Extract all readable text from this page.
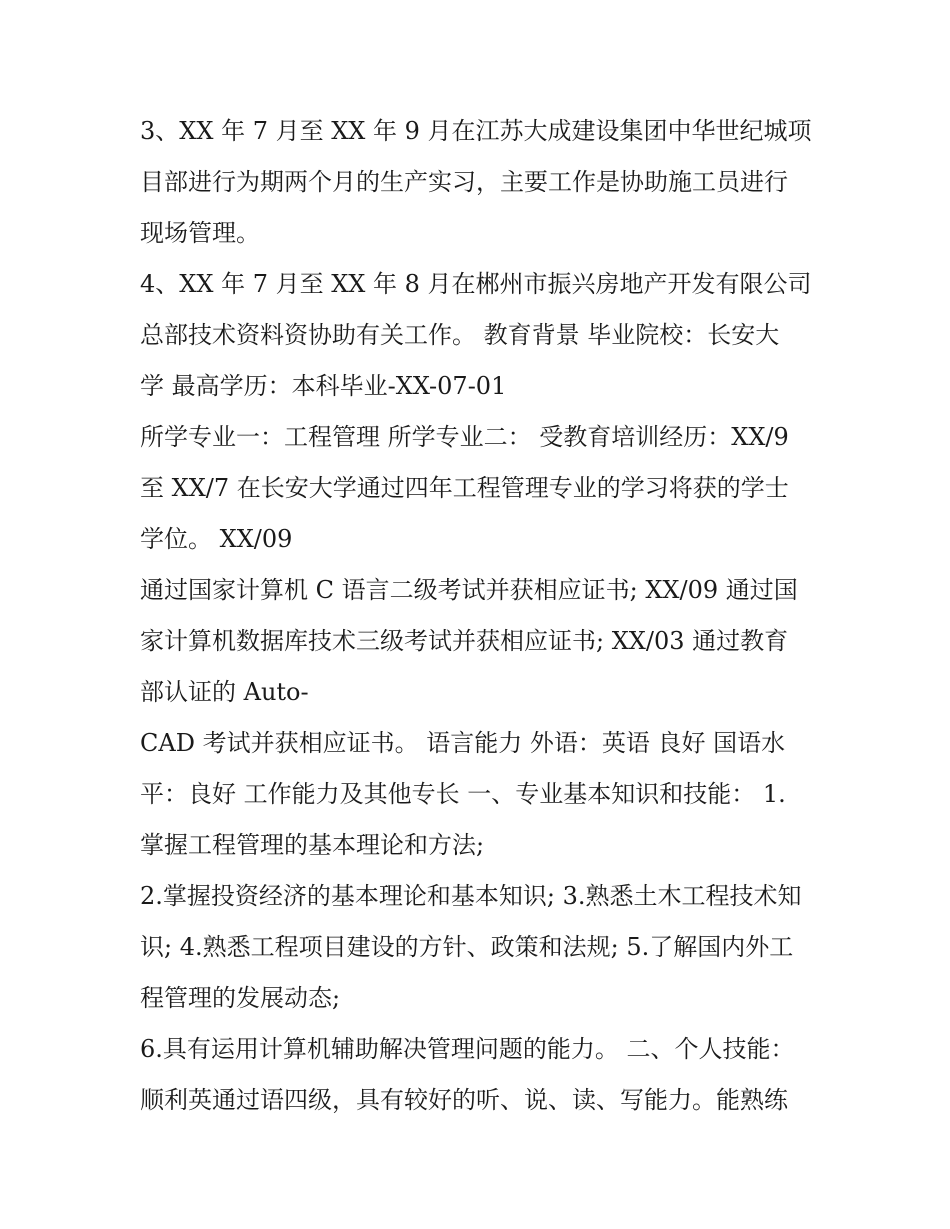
3、XX 年 7 月至 XX 年 9 月在江苏大成建设集团中华世纪城项
目部进行为期两个月的生产实习，主要工作是协助施工员进行
现场管理。
4、XX 年 7 月至 XX 年 8 月在郴州市振兴房地产开发有限公司
总部技术资料资协助有关工作。 教育背景 毕业院校：长安大
学 最高学历：本科毕业-XX-07-01
所学专业一：工程管理 所学专业二： 受教育培训经历：XX/9
至 XX/7 在长安大学通过四年工程管理专业的学习将获的学士
学位。 XX/09
通过国家计算机 C 语言二级考试并获相应证书; XX/09 通过国
家计算机数据库技术三级考试并获相应证书; XX/03 通过教育
部认证的 Auto-
CAD 考试并获相应证书。 语言能力 外语：英语 良好 国语水
平：良好 工作能力及其他专长 一、专业基本知识和技能： 1.
掌握工程管理的基本理论和方法;
2.掌握投资经济的基本理论和基本知识; 3.熟悉土木工程技术知
识; 4.熟悉工程项目建设的方针、政策和法规; 5.了解国内外工
程管理的发展动态;
6.具有运用计算机辅助解决管理问题的能力。 二、个人技能：
顺利英通过语四级，具有较好的听、说、读、写能力。能熟练
